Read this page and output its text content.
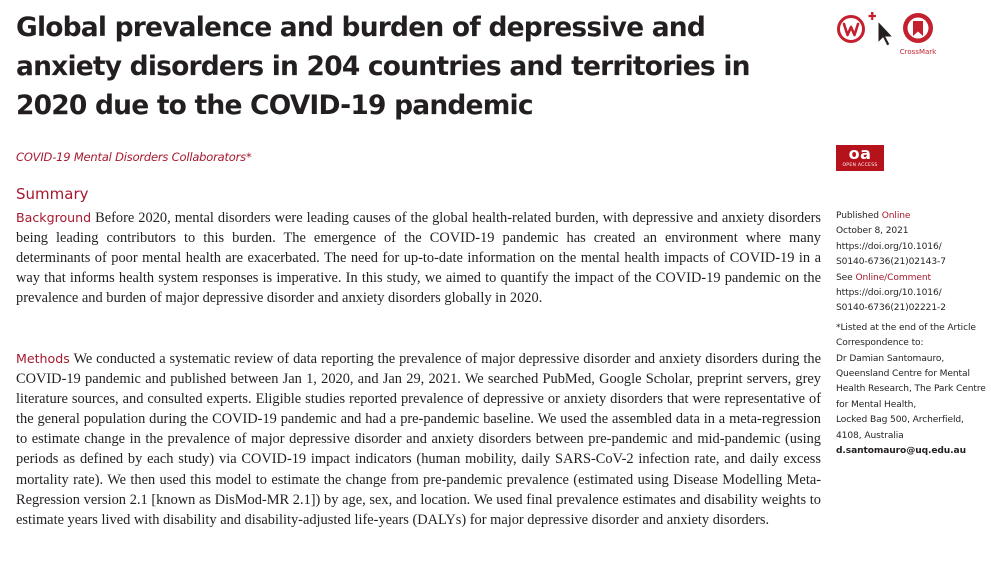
Global prevalence and burden of depressive and anxiety disorders in 204 countries and territories in 2020 due to the COVID-19 pandemic
CrossMark

COVID-19 Mental Disorders Collaborators*	oa
OPEN ACCESS
Summary

Background Before 2020, mental disorders were leading causes of the global health-related burden, with depressive and anxiety disorders being leading contributors to this burden. The emergence of the COVID-19 pandemic has created an environment where many determinants of poor mental health are exacerbated. The need for up-to-date information on the mental health impacts of COVID-19 in a way that informs health system responses is imperative. In this study, we aimed to quantify the impact of the COVID-19 pandemic on the prevalence and burden of major depressive disorder and anxiety disorders globally in 2020.

Methods We conducted a systematic review of data reporting the prevalence of major depressive disorder and anxiety disorders during the COVID-19 pandemic and published between Jan 1, 2020, and Jan 29, 2021. We searched PubMed, Google Scholar, preprint servers, grey literature sources, and consulted experts. Eligible studies reported prevalence of depressive or anxiety disorders that were representative of the general population during the COVID-19 pandemic and had a pre-pandemic baseline. We used the assembled data in a meta-regression to estimate change in the prevalence of major depressive disorder and anxiety disorders between pre-pandemic and mid-pandemic (using periods as defined by each study) via COVID-19 impact indicators (human mobility, daily SARS-CoV-2 infection rate, and daily excess mortality rate). We then used this model to estimate the change from pre-pandemic prevalence (estimated using Disease Modelling Meta-Regression version 2.1 [known as DisMod-MR 2.1]) by age, sex, and location. We used final prevalence estimates and disability weights to estimate years lived with disability and disability-adjusted life-years (DALYs) for major depressive disorder and anxiety disorders.

Published Online
October 8, 2021
https://doi.org/10.1016/
S0140-6736(21)02143-7
See Online/Comment
https://doi.org/10.1016/
S0140-6736(21)02221-2
*Listed at the end of the Article
Correspondence to:
Dr Damian Santomauro,
Queensland Centre for Mental
Health Research, The Park Centre
for Mental Health,
Locked Bag 500, Archerfield,
4108, Australia
d.santomauro@uq.edu.au
